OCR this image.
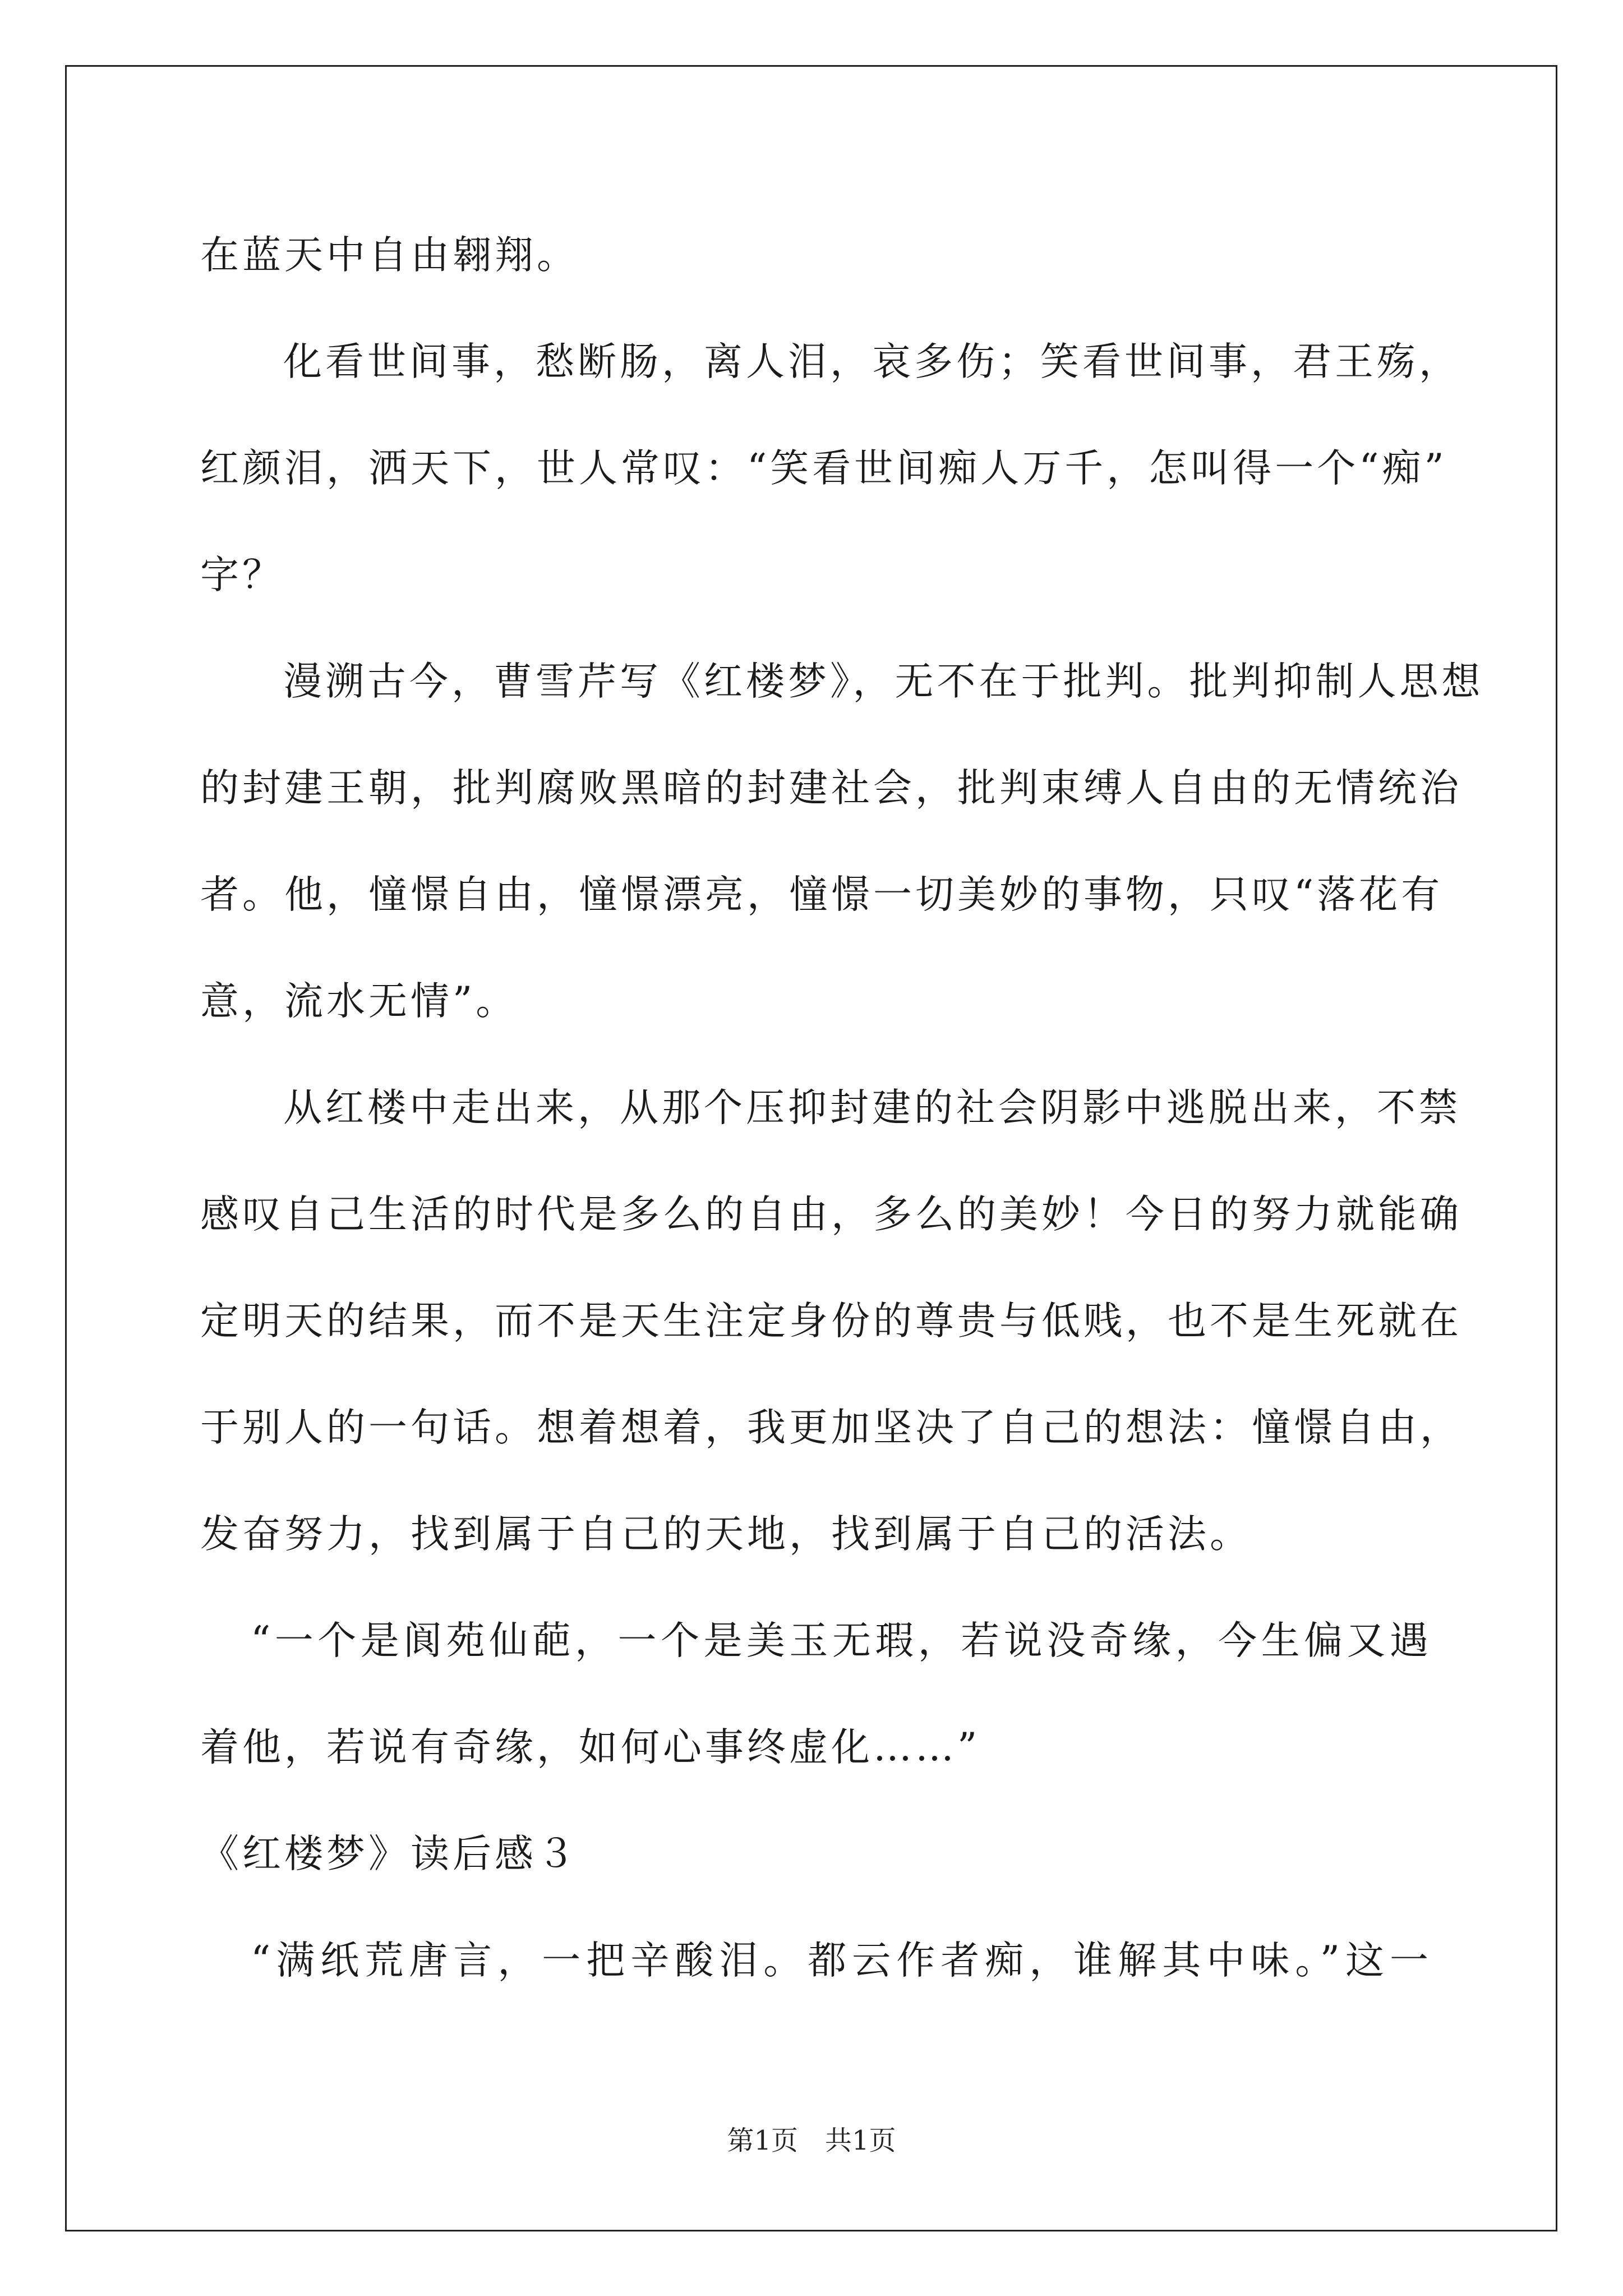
在蓝天中自由翱翔。
化看世间事，愁断肠，离人泪，哀多伤；笑看世间事，君王殇，
红颜泪，洒天下，世人常叹：“笑看世间痴人万千，怎叫得一个“痴”
字？
漫溯古今，曹雪芹写《红楼梦》，无不在于批判。批判抑制人思想
的封建王朝，批判腐败黑暗的封建社会，批判束缚人自由的无情统治
者。他，憧憬自由，憧憬漂亮，憧憬一切美妙的事物，只叹“落花有
意，流水无情”。
从红楼中走出来，从那个压抑封建的社会阴影中逃脱出来，不禁
感叹自己生活的时代是多么的自由，多么的美妙！今日的努力就能确
定明天的结果，而不是天生注定身份的尊贵与低贱，也不是生死就在
于别人的一句话。想着想着，我更加坚决了自己的想法：憧憬自由，
发奋努力，找到属于自己的天地，找到属于自己的活法。
“一个是阆苑仙葩，一个是美玉无瑕，若说没奇缘，今生偏又遇
着他，若说有奇缘，如何心事终虚化……”
《红楼梦》读后感３
“满纸荒唐言，一把辛酸泪。都云作者痴，谁解其中味。”这一
第1页　共1页
